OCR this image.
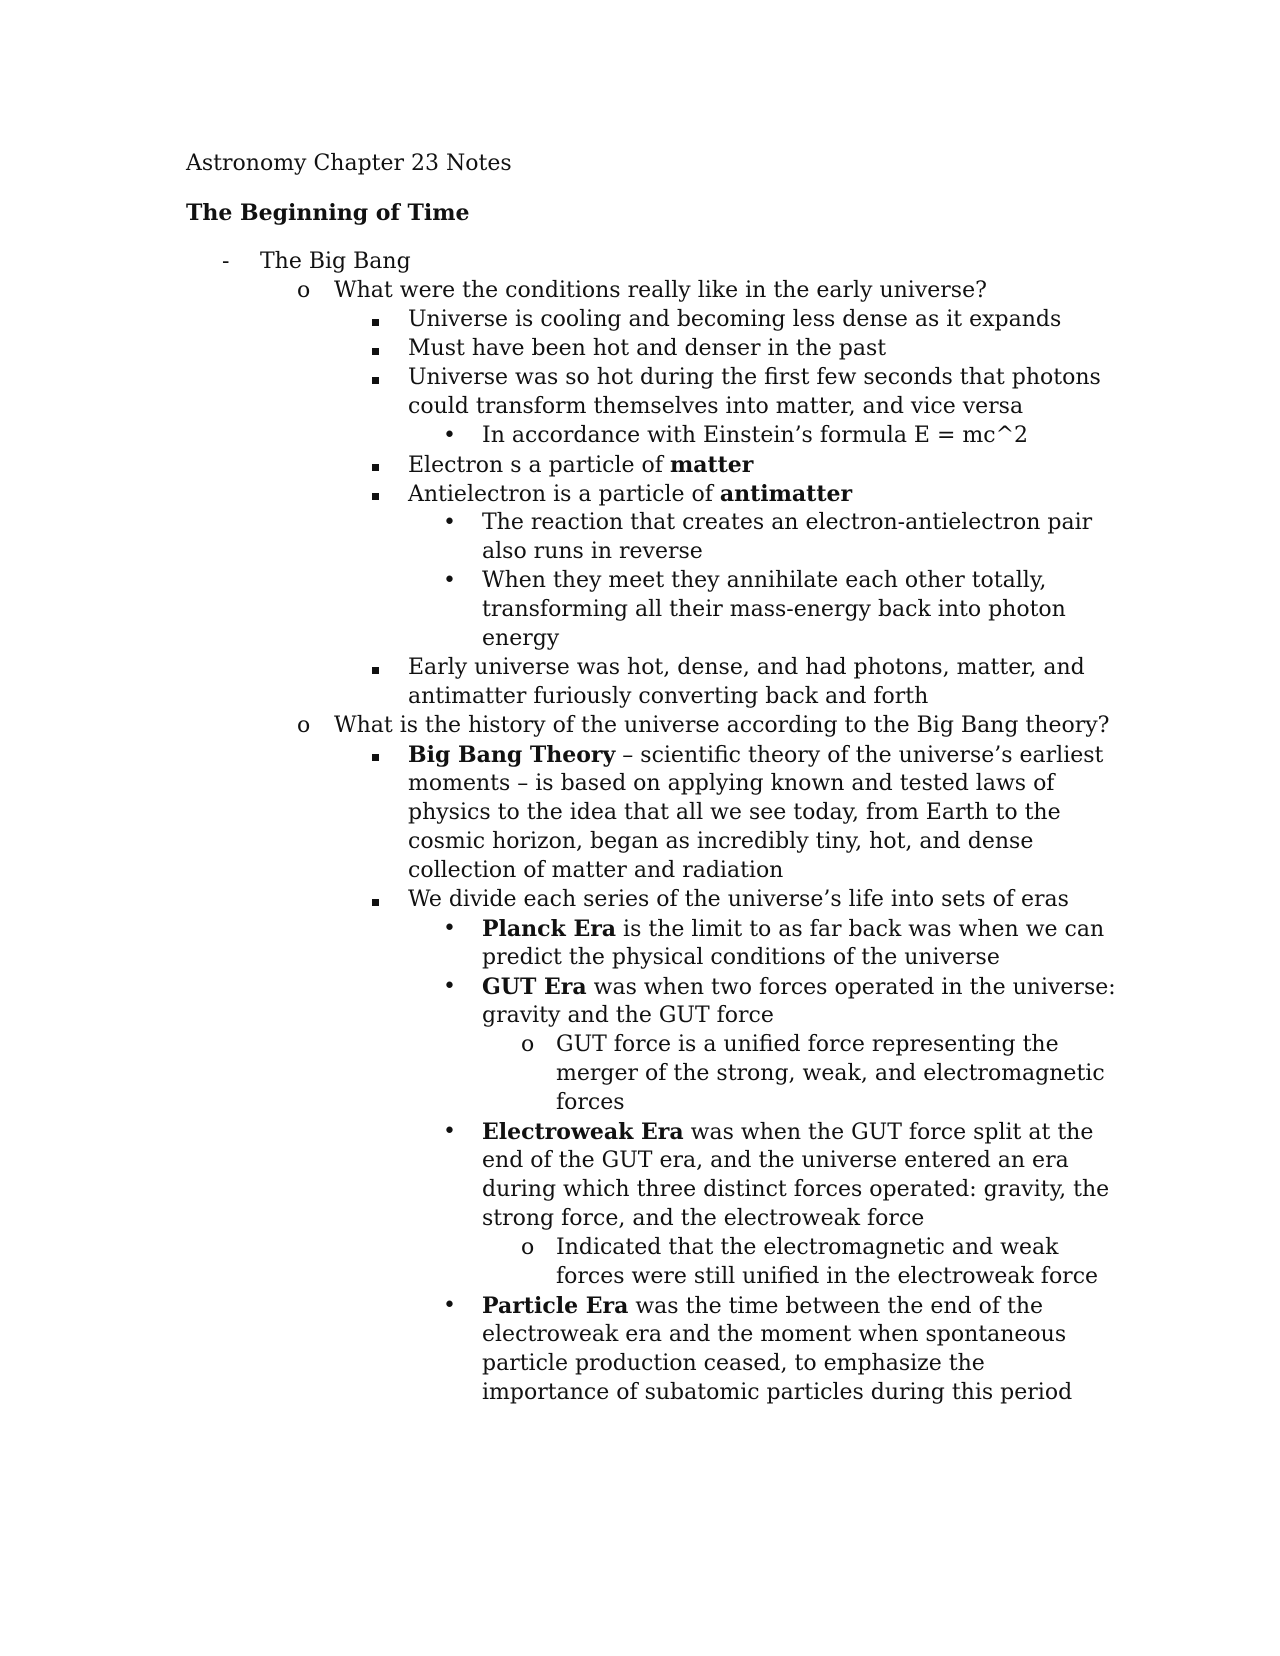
Astronomy Chapter 23 Notes
The Beginning of Time
- The Big Bang
o What were the conditions really like in the early universe?
Universe is cooling and becoming less dense as it expands
Must have been hot and denser in the past
Universe was so hot during the first few seconds that photons
could transform themselves into matter, and vice versa
• In accordance with Einstein’s formula E = mc^2
Electron s a particle of matter
Antielectron is a particle of antimatter
• The reaction that creates an electron-antielectron pair
also runs in reverse
• When they meet they annihilate each other totally,
transforming all their mass-energy back into photon
energy
Early universe was hot, dense, and had photons, matter, and
antimatter furiously converting back and forth
o What is the history of the universe according to the Big Bang theory?
Big Bang Theory – scientific theory of the universe’s earliest
moments – is based on applying known and tested laws of
physics to the idea that all we see today, from Earth to the
cosmic horizon, began as incredibly tiny, hot, and dense
collection of matter and radiation
We divide each series of the universe’s life into sets of eras
• Planck Era is the limit to as far back was when we can
predict the physical conditions of the universe
• GUT Era was when two forces operated in the universe:
gravity and the GUT force
o GUT force is a unified force representing the
merger of the strong, weak, and electromagnetic
forces
• Electroweak Era was when the GUT force split at the
end of the GUT era, and the universe entered an era
during which three distinct forces operated: gravity, the
strong force, and the electroweak force
o Indicated that the electromagnetic and weak
forces were still unified in the electroweak force
• Particle Era was the time between the end of the
electroweak era and the moment when spontaneous
particle production ceased, to emphasize the
importance of subatomic particles during this period
